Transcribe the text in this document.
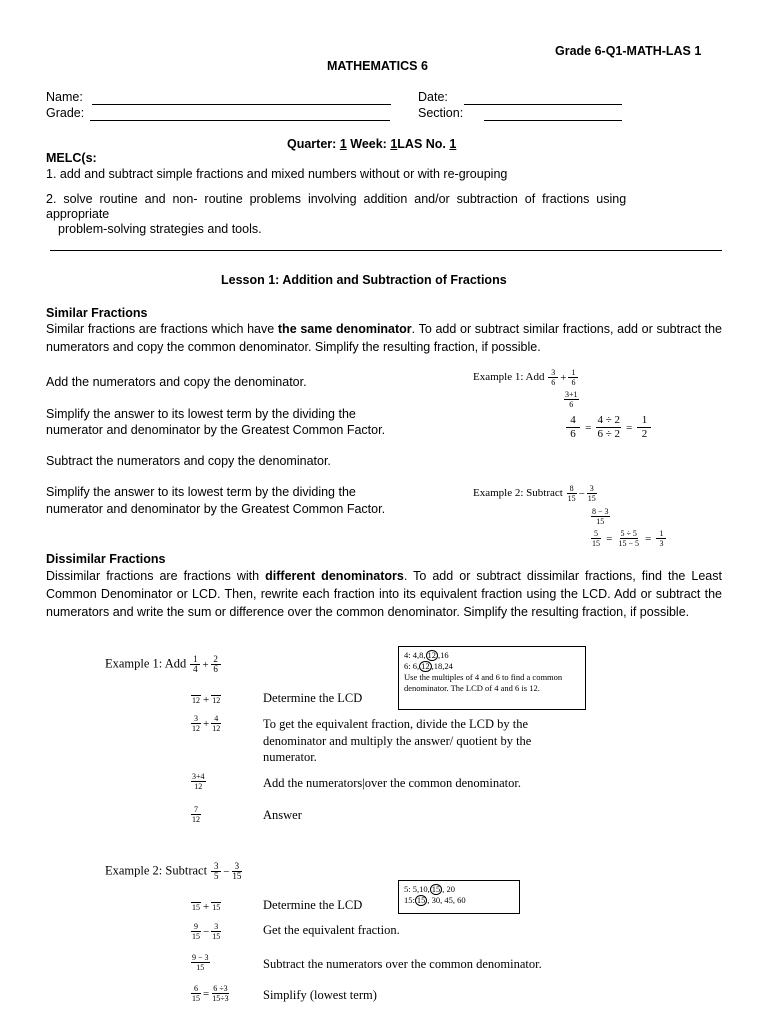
Grade 6-Q1-MATH-LAS 1
MATHEMATICS 6
Name:
Grade:
Date:
Section:
Quarter: 1 Week: 1LAS No. 1
MELC(s:
1. add and subtract simple fractions and mixed numbers without or with re-grouping
2.  solve  routine  and  non-  routine  problems  involving  addition  and/or  subtraction  of  fractions  using
appropriate
problem-solving strategies and tools.
Lesson 1: Addition and Subtraction of Fractions
Similar Fractions
Similar fractions are fractions which have the same denominator. To add or subtract similar fractions, add or subtract the numerators and copy the common denominator. Simplify the resulting fraction, if possible.
Add the numerators and copy the denominator.
Simplify the answer to its lowest term by the dividing the
numerator and denominator by the Greatest Common Factor.
Subtract the numerators and copy the denominator.
Simplify the answer to its lowest term by the dividing the
numerator and denominator by the Greatest Common Factor.
Example 1: Add $\frac{3}{6} + \frac{1}{6}$
$\frac{3+1}{6}$
$\frac{4}{6} = \frac{4 \div 2}{6 \div 2} = \frac{1}{2}$
Example 2: Subtract $\frac{8}{15} - \frac{3}{15}$
$\frac{8 - 3}{15}$
$\frac{5}{15} = \frac{5 \div 5}{15 - 5} = \frac{1}{3}$
Dissimilar Fractions
Dissimilar fractions are fractions with different denominators. To add or subtract dissimilar fractions, find the Least Common Denominator or LCD. Then, rewrite each fraction into its equivalent fraction using the LCD. Add or subtract the numerators and write the sum or difference over the common denominator. Simplify the resulting fraction, if possible.
Example 1: Add $\frac{1}{4} + \frac{2}{6}$	4: 4,8, 12 ,16
6: 6, 12 ,18,24
Use the multiples of 4 and 6 to find a common denominator. The LCD of 4 and 6 is 12.
12 + 12	Determine the LCD
$\frac{3}{12} + \frac{4}{12}$	To get the equivalent fraction, divide the LCD by the
denominator and multiply the answer/ quotient by the
numerator.
$\frac{3+4}{12}$	Add the numerators|over the common denominator.
$\frac{7}{12}$	Answer
Example 2: Subtract $\frac{3}{5} - \frac{3}{15}$
5: 5,10, 15 , 20
15: 15 , 30, 45, 60
15 + 15	Determine the LCD
$\frac{9}{15} - \frac{3}{15}$	Get the equivalent fraction.
$\frac{9 - 3}{15}$	Subtract the numerators over the common denominator.
$\frac{6}{15} = \frac{6 \div 3}{15\div 3}$	Simplify (lowest term)
